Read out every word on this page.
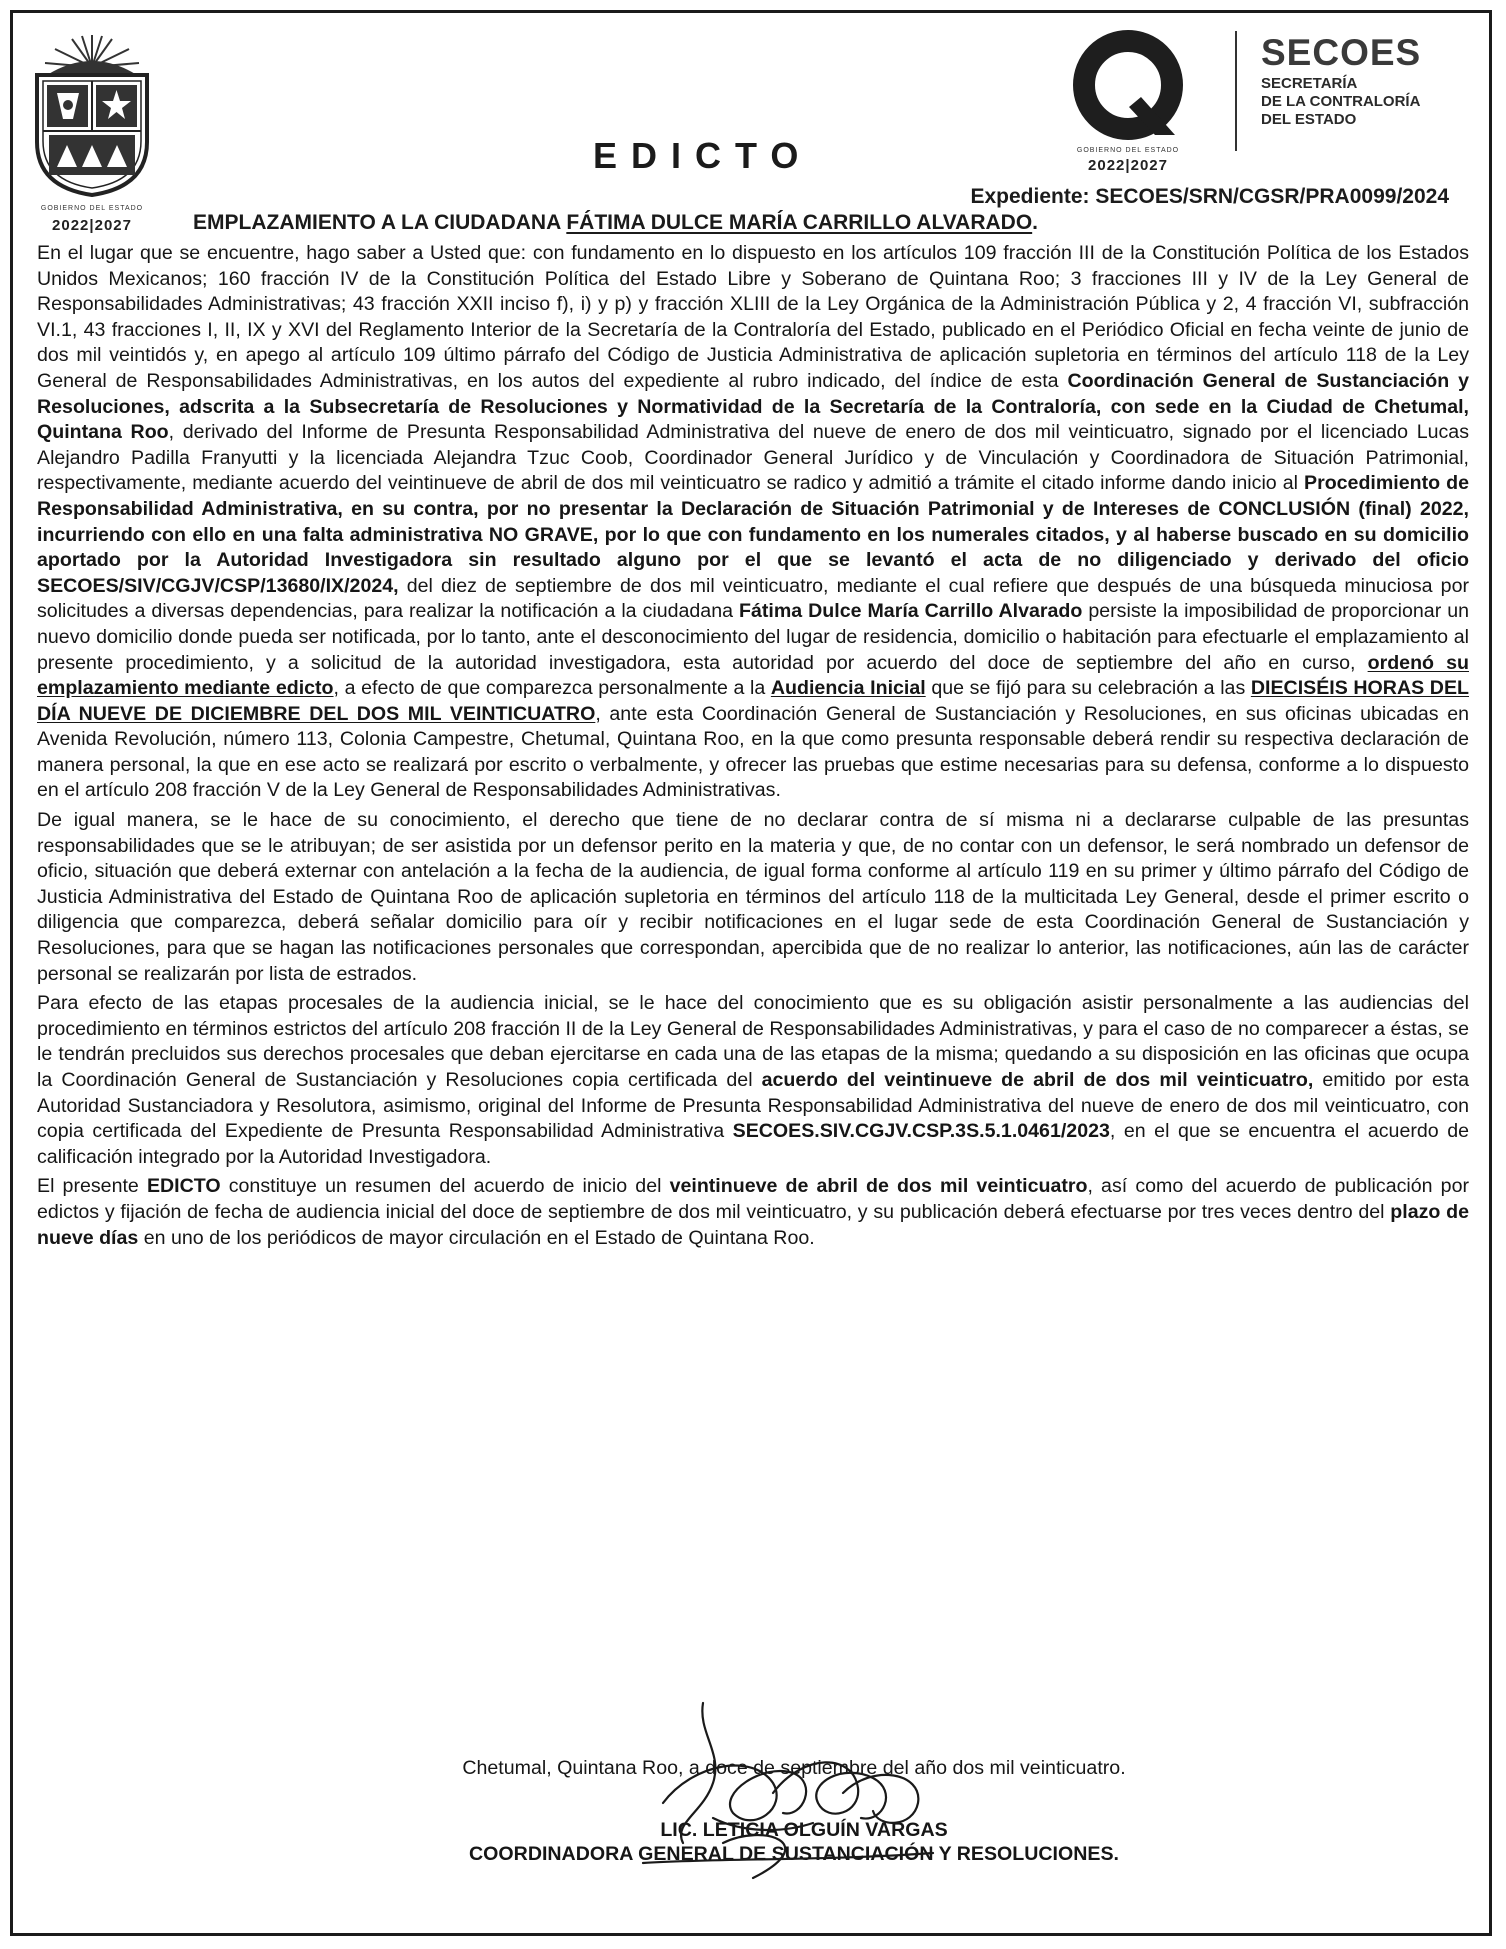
GOBIERNO DEL ESTADO
2022|2027
EDICTO	GOBIERNO DEL ESTADO
2022|2027
SECOES
SECRETARÍA
DE LA CONTRALORÍA
DEL ESTADO
Expediente: SECOES/SRN/CGSR/PRA0099/2024
EMPLAZAMIENTO A LA CIUDADANA FÁTIMA DULCE MARÍA CARRILLO ALVARADO.

En el lugar que se encuentre, hago saber a Usted que: con fundamento en lo dispuesto en los artículos 109 fracción III de la Constitución Política de los Estados Unidos Mexicanos; 160 fracción IV de la Constitución Política del Estado Libre y Soberano de Quintana Roo; 3 fracciones III y IV de la Ley General de Responsabilidades Administrativas; 43 fracción XXII inciso f), i) y p) y fracción XLIII de la Ley Orgánica de la Administración Pública y 2, 4 fracción VI, subfracción VI.1, 43 fracciones I, II, IX y XVI del Reglamento Interior de la Secretaría de la Contraloría del Estado, publicado en el Periódico Oficial en fecha veinte de junio de dos mil veintidós y, en apego al artículo 109 último párrafo del Código de Justicia Administrativa de aplicación supletoria en términos del artículo 118 de la Ley General de Responsabilidades Administrativas, en los autos del expediente al rubro indicado, del índice de esta Coordinación General de Sustanciación y Resoluciones, adscrita a la Subsecretaría de Resoluciones y Normatividad de la Secretaría de la Contraloría, con sede en la Ciudad de Chetumal, Quintana Roo, derivado del Informe de Presunta Responsabilidad Administrativa del nueve de enero de dos mil veinticuatro, signado por el licenciado Lucas Alejandro Padilla Franyutti y la licenciada Alejandra Tzuc Coob, Coordinador General Jurídico y de Vinculación y Coordinadora de Situación Patrimonial, respectivamente, mediante acuerdo del veintinueve de abril de dos mil veinticuatro se radico y admitió a trámite el citado informe dando inicio al Procedimiento de Responsabilidad Administrativa, en su contra, por no presentar la Declaración de Situación Patrimonial y de Intereses de CONCLUSIÓN (final) 2022, incurriendo con ello en una falta administrativa NO GRAVE, por lo que con fundamento en los numerales citados, y al haberse buscado en su domicilio aportado por la Autoridad Investigadora sin resultado alguno por el que se levantó el acta de no diligenciado y derivado del oficio SECOES/SIV/CGJV/CSP/13680/IX/2024, del diez de septiembre de dos mil veinticuatro, mediante el cual refiere que después de una búsqueda minuciosa por solicitudes a diversas dependencias, para realizar la notificación a la ciudadana Fátima Dulce María Carrillo Alvarado persiste la imposibilidad de proporcionar un nuevo domicilio donde pueda ser notificada, por lo tanto, ante el desconocimiento del lugar de residencia, domicilio o habitación para efectuarle el emplazamiento al presente procedimiento, y a solicitud de la autoridad investigadora, esta autoridad por acuerdo del doce de septiembre del año en curso, ordenó su emplazamiento mediante edicto, a efecto de que comparezca personalmente a la Audiencia Inicial que se fijó para su celebración a las DIECISÉIS HORAS DEL DÍA NUEVE DE DICIEMBRE DEL DOS MIL VEINTICUATRO, ante esta Coordinación General de Sustanciación y Resoluciones, en sus oficinas ubicadas en Avenida Revolución, número 113, Colonia Campestre, Chetumal, Quintana Roo, en la que como presunta responsable deberá rendir su respectiva declaración de manera personal, la que en ese acto se realizará por escrito o verbalmente, y ofrecer las pruebas que estime necesarias para su defensa, conforme a lo dispuesto en el artículo 208 fracción V de la Ley General de Responsabilidades Administrativas.

De igual manera, se le hace de su conocimiento, el derecho que tiene de no declarar contra de sí misma ni a declararse culpable de las presuntas responsabilidades que se le atribuyan; de ser asistida por un defensor perito en la materia y que, de no contar con un defensor, le será nombrado un defensor de oficio, situación que deberá externar con antelación a la fecha de la audiencia, de igual forma conforme al artículo 119 en su primer y último párrafo del Código de Justicia Administrativa del Estado de Quintana Roo de aplicación supletoria en términos del artículo 118 de la multicitada Ley General, desde el primer escrito o diligencia que comparezca, deberá señalar domicilio para oír y recibir notificaciones en el lugar sede de esta Coordinación General de Sustanciación y Resoluciones, para que se hagan las notificaciones personales que correspondan, apercibida que de no realizar lo anterior, las notificaciones, aún las de carácter personal se realizarán por lista de estrados.

Para efecto de las etapas procesales de la audiencia inicial, se le hace del conocimiento que es su obligación asistir personalmente a las audiencias del procedimiento en términos estrictos del artículo 208 fracción II de la Ley General de Responsabilidades Administrativas, y para el caso de no comparecer a éstas, se le tendrán precluidos sus derechos procesales que deban ejercitarse en cada una de las etapas de la misma; quedando a su disposición en las oficinas que ocupa la Coordinación General de Sustanciación y Resoluciones copia certificada del acuerdo del veintinueve de abril de dos mil veinticuatro, emitido por esta Autoridad Sustanciadora y Resolutora, asimismo, original del Informe de Presunta Responsabilidad Administrativa del nueve de enero de dos mil veinticuatro, con copia certificada del Expediente de Presunta Responsabilidad Administrativa SECOES.SIV.CGJV.CSP.3S.5.1.0461/2023, en el que se encuentra el acuerdo de calificación integrado por la Autoridad Investigadora.

El presente EDICTO constituye un resumen del acuerdo de inicio del veintinueve de abril de dos mil veinticuatro, así como del acuerdo de publicación por edictos y fijación de fecha de audiencia inicial del doce de septiembre de dos mil veinticuatro, y su publicación deberá efectuarse por tres veces dentro del plazo de nueve días en uno de los periódicos de mayor circulación en el Estado de Quintana Roo.

Chetumal, Quintana Roo, a doce de septiembre del año dos mil veinticuatro.
LIC. LETICIA OLGUÍN VARGAS
COORDINADORA GENERAL DE SUSTANCIACIÓN Y RESOLUCIONES.
